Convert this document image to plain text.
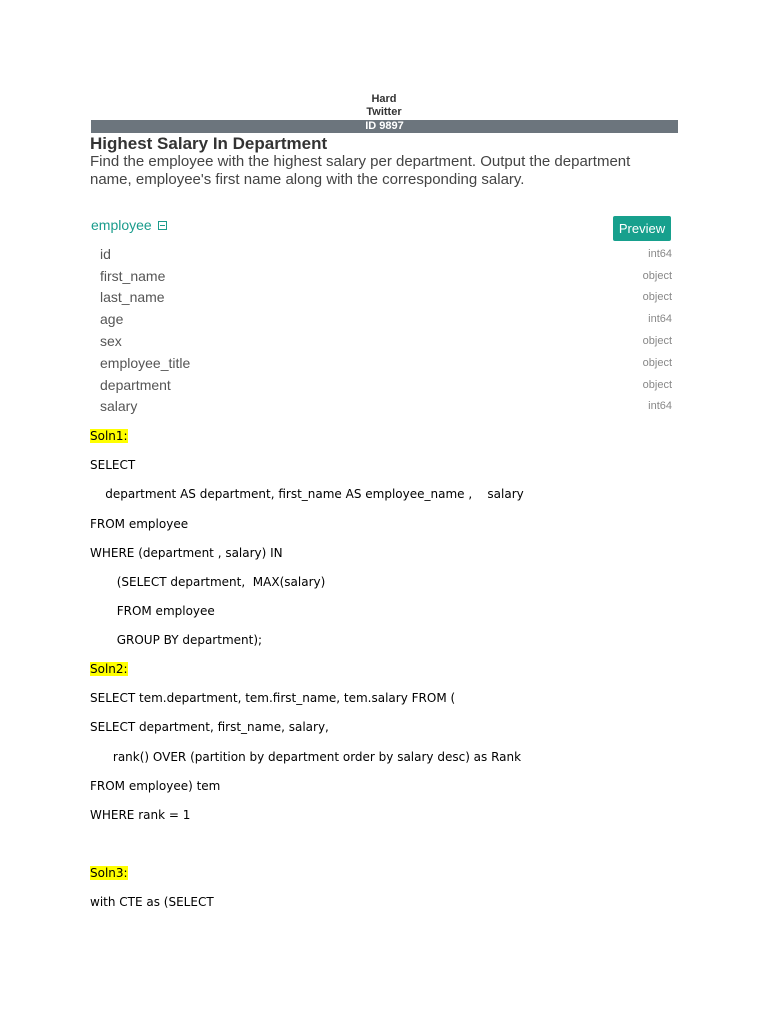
Hard
Twitter
ID 9897
Highest Salary In Department
Find the employee with the highest salary per department. Output the department name, employee's first name along with the corresponding salary.
employee	Preview
id	int64
first_name	object
last_name	object
age	int64
sex	object
employee_title	object
department	object
salary	int64
Soln1:
SELECT
department AS department, first_name AS employee_name ,    salary
FROM employee
WHERE (department , salary) IN
(SELECT department,  MAX(salary)
FROM employee
GROUP BY department);
Soln2:
SELECT tem.department, tem.first_name, tem.salary FROM (
SELECT department, first_name, salary,
rank() OVER (partition by department order by salary desc) as Rank
FROM employee) tem
WHERE rank = 1
Soln3:
with CTE as (SELECT
